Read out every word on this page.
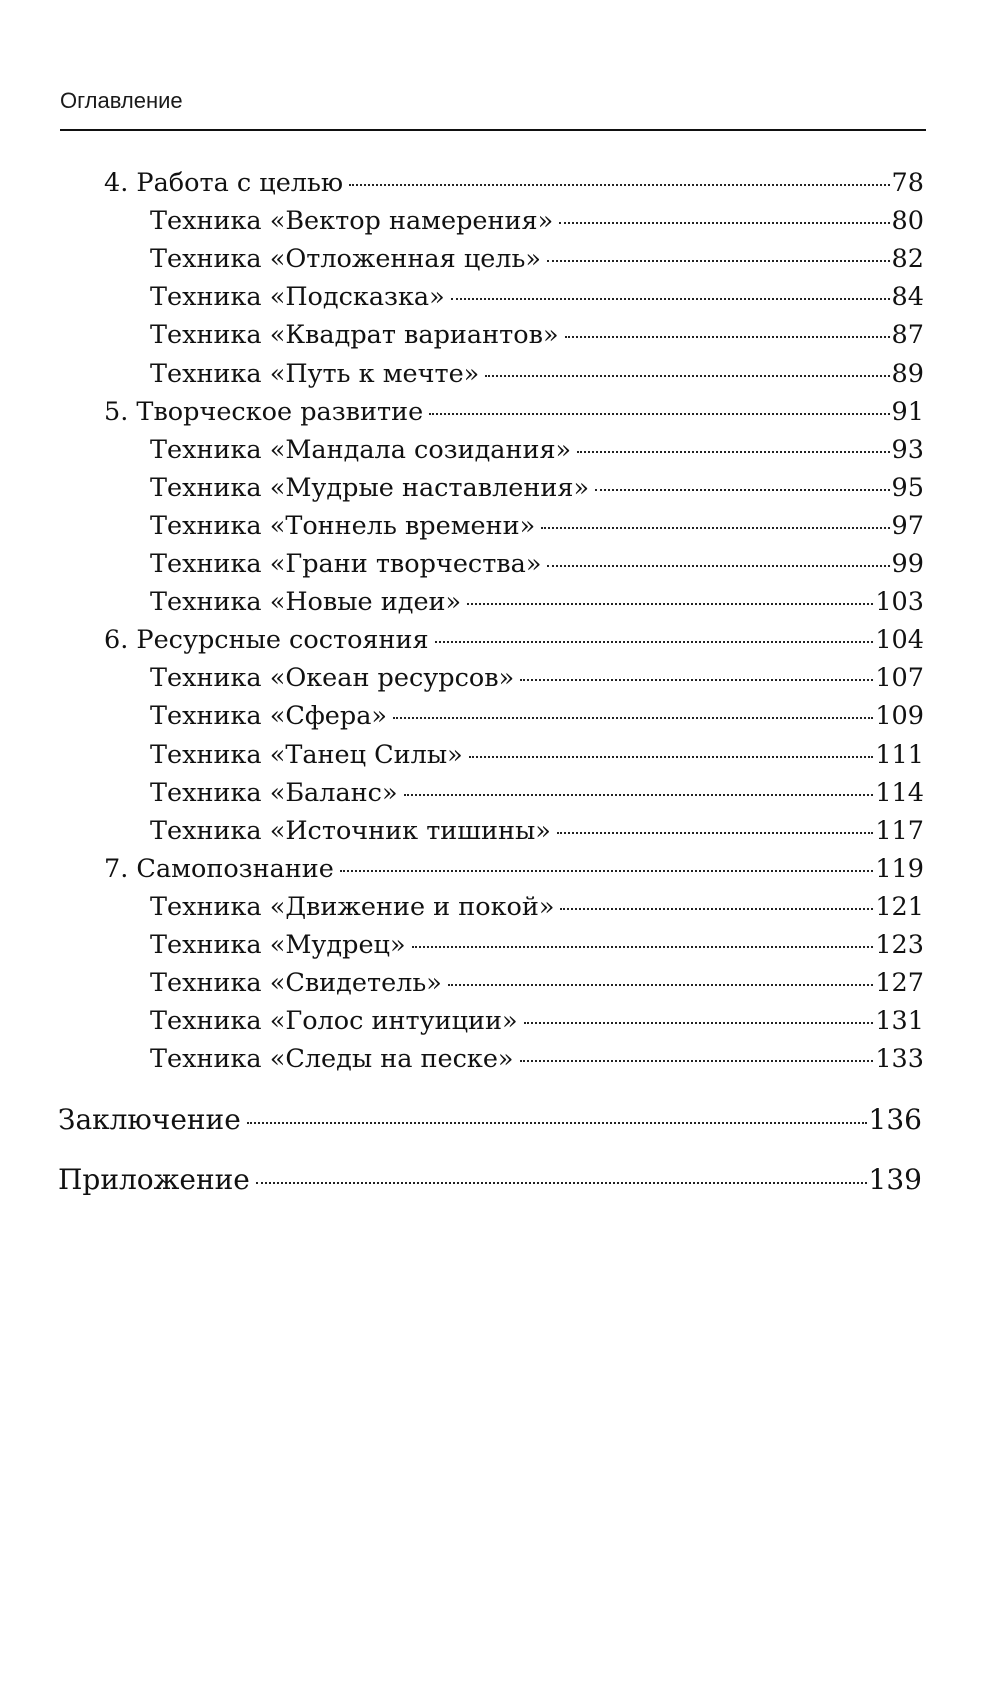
Оглавление
4. Работа с целью	78
Техника «Вектор намерения»	80
Техника «Отложенная цель»	82
Техника «Подсказка»	84
Техника «Квадрат вариантов»	87
Техника «Путь к мечте»	89
5. Творческое развитие	91
Техника «Мандала созидания»	93
Техника «Мудрые наставления»	95
Техника «Тоннель времени»	97
Техника «Грани творчества»	99
Техника «Новые идеи»	103
6. Ресурсные состояния	104
Техника «Океан ресурсов»	107
Техника «Сфера»	109
Техника «Танец Силы»	111
Техника «Баланс»	114
Техника «Источник тишины»	117
7. Самопознание	119
Техника «Движение и покой»	121
Техника «Мудрец»	123
Техника «Свидетель»	127
Техника «Голос интуиции»	131
Техника «Следы на песке»	133
Заключение	136
Приложение	139
